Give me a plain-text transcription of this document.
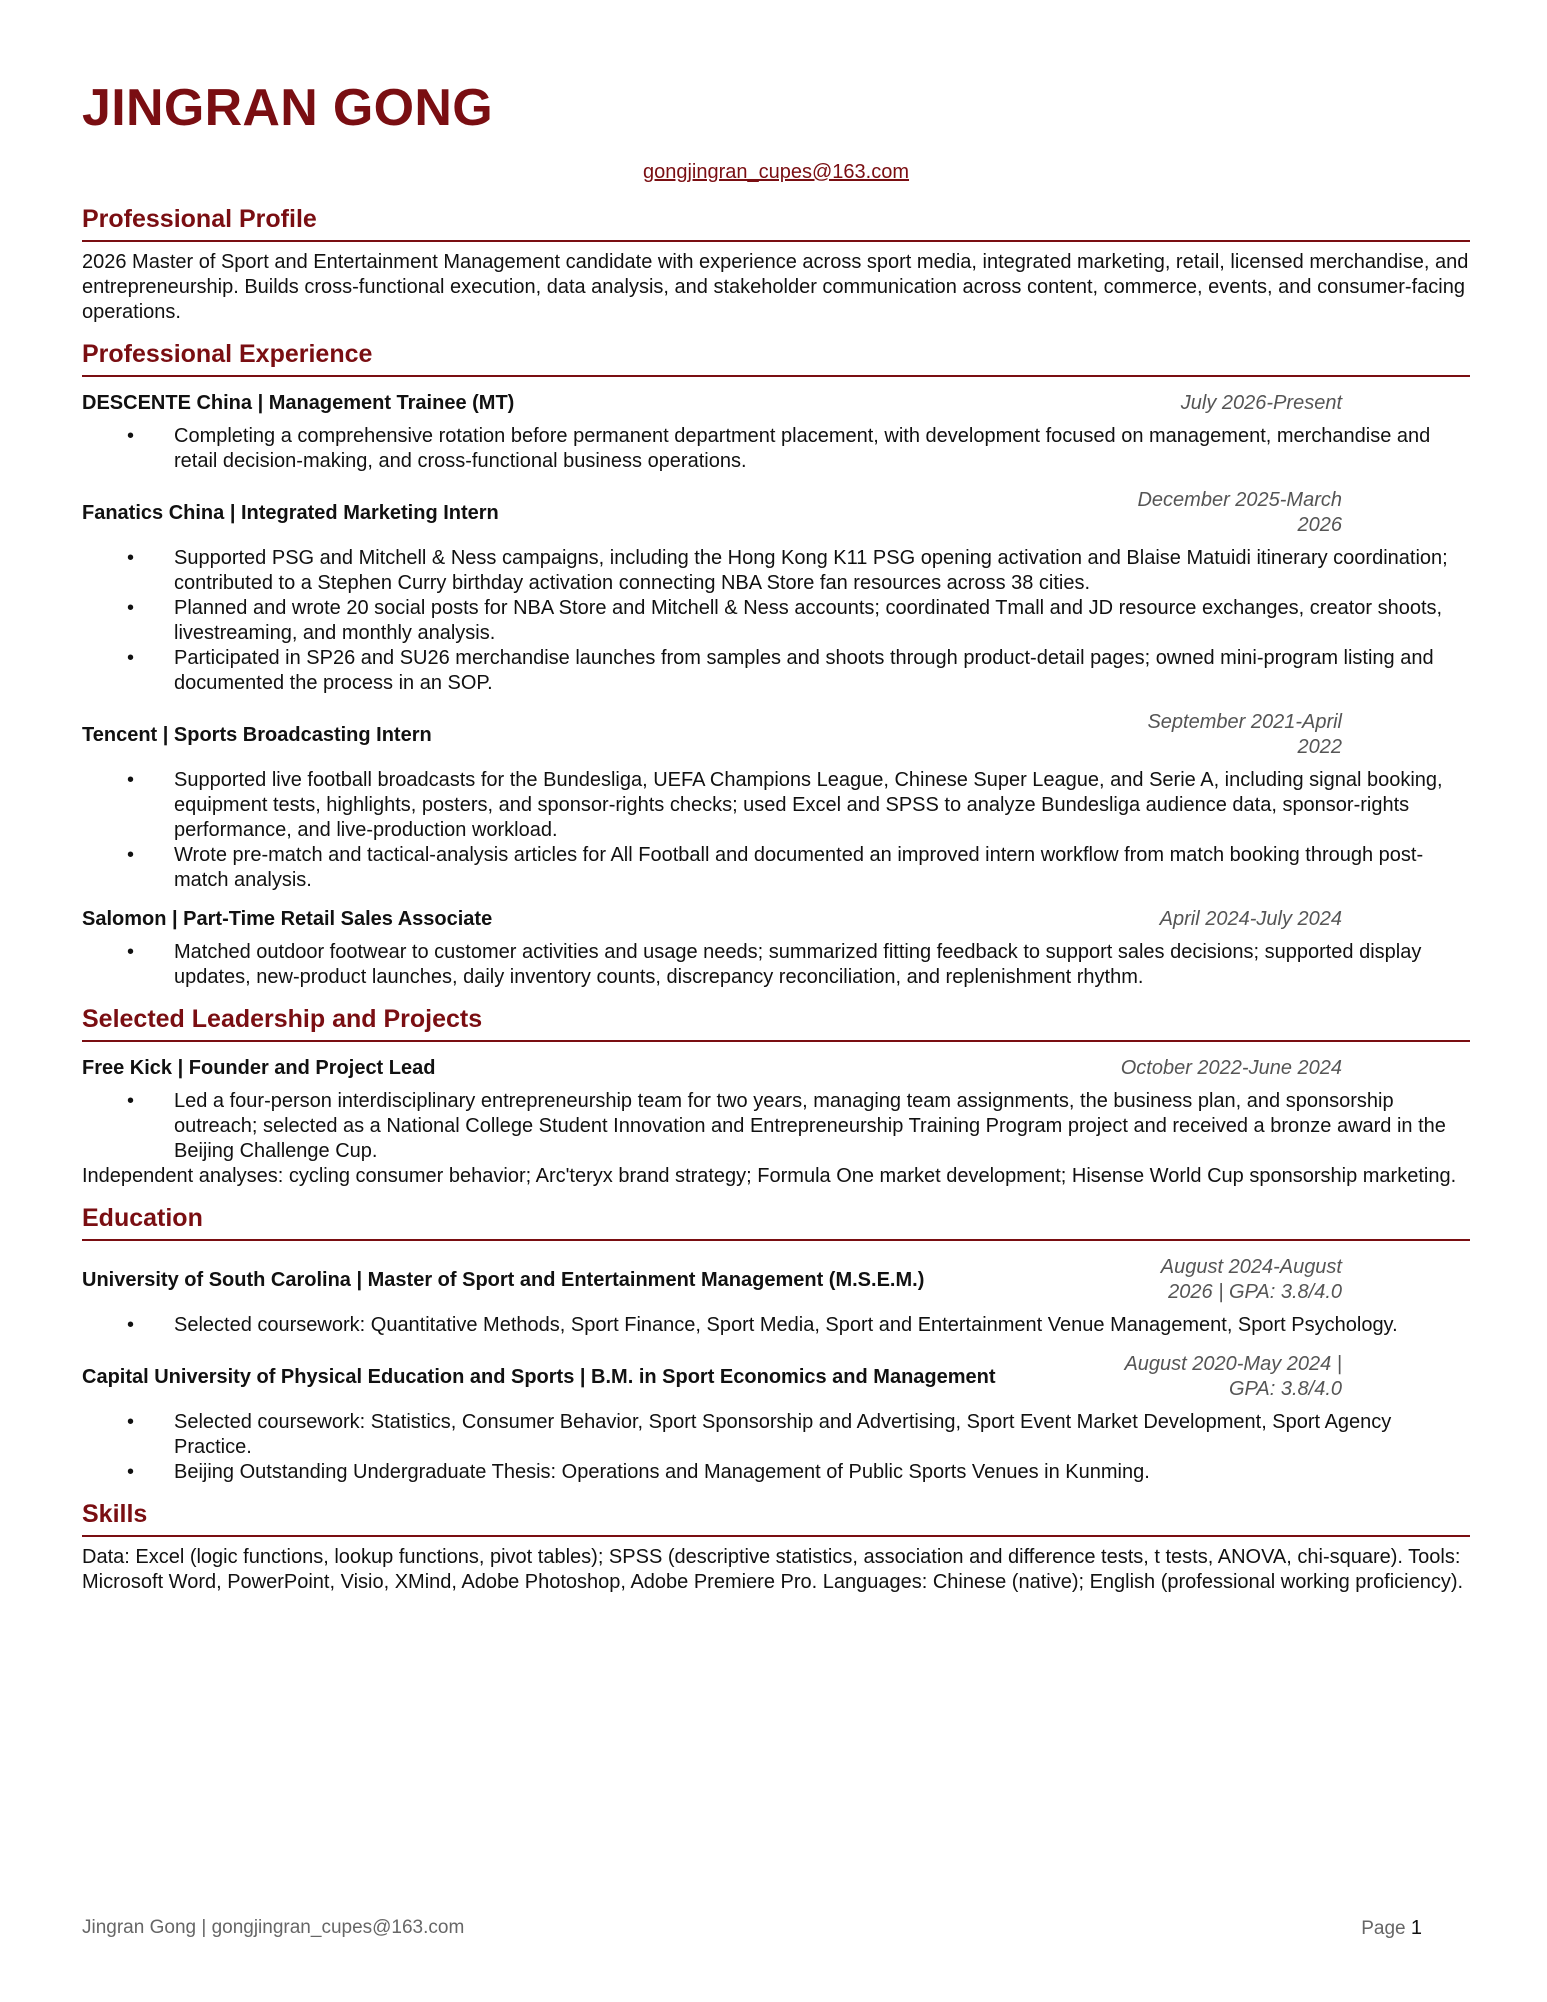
JINGRAN GONG
gongjingran_cupes@163.com
Professional Profile
2026 Master of Sport and Entertainment Management candidate with experience across sport media, integrated marketing, retail, licensed merchandise, and entrepreneurship. Builds cross-functional execution, data analysis, and stakeholder communication across content, commerce, events, and consumer-facing operations.
Professional Experience
DESCENTE China | Management Trainee (MT)	July 2026-Present
• Completing a comprehensive rotation before permanent department placement, with development focused on management, merchandise and retail decision-making, and cross-functional business operations.
Fanatics China | Integrated Marketing Intern
December 2025-March 2026
• Supported PSG and Mitchell & Ness campaigns, including the Hong Kong K11 PSG opening activation and Blaise Matuidi itinerary coordination; contributed to a Stephen Curry birthday activation connecting NBA Store fan resources across 38 cities.
• Planned and wrote 20 social posts for NBA Store and Mitchell & Ness accounts; coordinated Tmall and JD resource exchanges, creator shoots, livestreaming, and monthly analysis.
• Participated in SP26 and SU26 merchandise launches from samples and shoots through product-detail pages; owned mini-program listing and documented the process in an SOP.
Tencent | Sports Broadcasting Intern
September 2021-April 2022
• Supported live football broadcasts for the Bundesliga, UEFA Champions League, Chinese Super League, and Serie A, including signal booking, equipment tests, highlights, posters, and sponsor-rights checks; used Excel and SPSS to analyze Bundesliga audience data, sponsor-rights performance, and live-production workload.
• Wrote pre-match and tactical-analysis articles for All Football and documented an improved intern workflow from match booking through post-match analysis.
Salomon | Part-Time Retail Sales Associate	April 2024-July 2024
• Matched outdoor footwear to customer activities and usage needs; summarized fitting feedback to support sales decisions; supported display updates, new-product launches, daily inventory counts, discrepancy reconciliation, and replenishment rhythm.
Selected Leadership and Projects
Free Kick | Founder and Project Lead	October 2022-June 2024
• Led a four-person interdisciplinary entrepreneurship team for two years, managing team assignments, the business plan, and sponsorship outreach; selected as a National College Student Innovation and Entrepreneurship Training Program project and received a bronze award in the Beijing Challenge Cup.
Independent analyses: cycling consumer behavior; Arc'teryx brand strategy; Formula One market development; Hisense World Cup sponsorship marketing.
Education
University of South Carolina | Master of Sport and Entertainment Management (M.S.E.M.)
August 2024-August 2026 | GPA: 3.8/4.0
• Selected coursework: Quantitative Methods, Sport Finance, Sport Media, Sport and Entertainment Venue Management, Sport Psychology.
Capital University of Physical Education and Sports | B.M. in Sport Economics and Management
August 2020-May 2024 | GPA: 3.8/4.0
• Selected coursework: Statistics, Consumer Behavior, Sport Sponsorship and Advertising, Sport Event Market Development, Sport Agency Practice.
• Beijing Outstanding Undergraduate Thesis: Operations and Management of Public Sports Venues in Kunming.
Skills
Data: Excel (logic functions, lookup functions, pivot tables); SPSS (descriptive statistics, association and difference tests, t tests, ANOVA, chi-square). Tools: Microsoft Word, PowerPoint, Visio, XMind, Adobe Photoshop, Adobe Premiere Pro. Languages: Chinese (native); English (professional working proficiency).
Jingran Gong | gongjingran_cupes@163.com	Page 1
